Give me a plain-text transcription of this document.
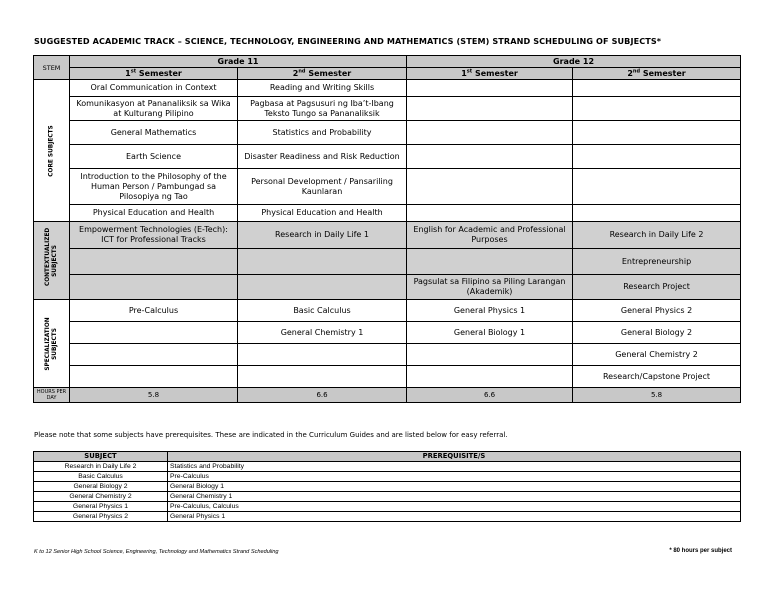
SUGGESTED ACADEMIC TRACK – SCIENCE, TECHNOLOGY, ENGINEERING AND MATHEMATICS (STEM) STRAND SCHEDULING OF SUBJECTS*
STEM	Grade 11		Grade 12	
	1st Semester	2nd Semester	1st Semester	2nd Semester

CORE SUBJECTS	Oral Communication in Context	Reading and Writing Skills		
	Komunikasyon at Pananaliksik sa Wika at Kulturang Pilipino	Pagbasa at Pagsusuri ng Iba’t-Ibang Teksto Tungo sa Pananaliksik		
	General Mathematics	Statistics and Probability		
	Earth Science	Disaster Readiness and Risk Reduction		
	Introduction to the Philosophy of the Human Person / Pambungad sa Pilosopiya ng Tao	Personal Development / Pansariling Kaunlaran		
	Physical Education and Health	Physical Education and Health		

CONTEXTUALIZED SUBJECTS	Empowerment Technologies (E-Tech): ICT for Professional Tracks	Research in Daily Life 1	English for Academic and Professional Purposes	Research in Daily Life 2
				Entrepreneurship
			Pagsulat sa Filipino sa Piling Larangan (Akademik)	Research Project

SPECIALIZATION SUBJECTS	Pre-Calculus	Basic Calculus	General Physics 1	General Physics 2
		General Chemistry 1	General Biology 1	General Biology 2
				General Chemistry 2
				Research/Capstone Project
HOURS PER DAY	5.8	6.6	6.6	5.8
Please note that some subjects have prerequisites. These are indicated in the Curriculum Guides and are listed below for easy referral.
SUBJECT	PREREQUISITE/S
Research in Daily Life 2	Statistics and Probability
Basic Calculus	Pre-Calculus
General Biology 2	General Biology 1
General Chemistry 2	General Chemistry 1
General Physics 1	Pre-Calculus, Calculus
General Physics 2	General Physics 1
K to 12 Senior High School Science, Engineering, Technology and Mathematics Strand Scheduling	* 80 hours per subject
